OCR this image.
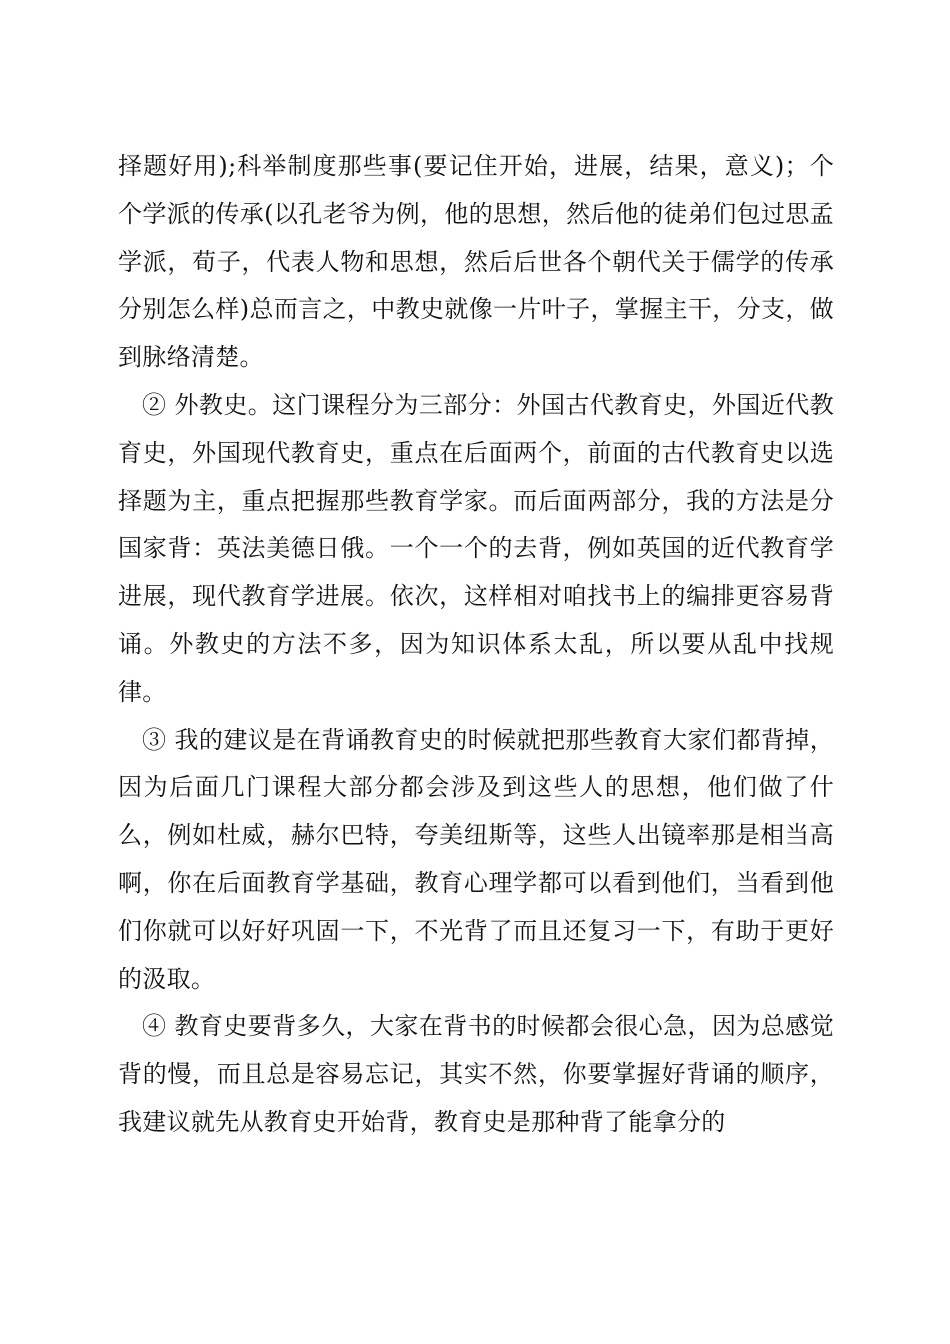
择题好用);科举制度那些事(要记住开始，进展，结果，意义)；个个学派的传承(以孔老爷为例，他的思想，然后他的徒弟们包过思孟学派，荀子，代表人物和思想，然后后世各个朝代关于儒学的传承分别怎么样)总而言之，中教史就像一片叶子，掌握主干，分支，做到脉络清楚。

② 外教史。这门课程分为三部分：外国古代教育史，外国近代教育史，外国现代教育史，重点在后面两个，前面的古代教育史以选择题为主，重点把握那些教育学家。而后面两部分，我的方法是分国家背：英法美德日俄。一个一个的去背，例如英国的近代教育学进展，现代教育学进展。依次，这样相对咱找书上的编排更容易背诵。外教史的方法不多，因为知识体系太乱，所以要从乱中找规律。

③ 我的建议是在背诵教育史的时候就把那些教育大家们都背掉，因为后面几门课程大部分都会涉及到这些人的思想，他们做了什么，例如杜威，赫尔巴特，夸美纽斯等，这些人出镜率那是相当高啊，你在后面教育学基础，教育心理学都可以看到他们，当看到他们你就可以好好巩固一下，不光背了而且还复习一下，有助于更好的汲取。

④ 教育史要背多久，大家在背书的时候都会很心急，因为总感觉背的慢，而且总是容易忘记，其实不然，你要掌握好背诵的顺序，我建议就先从教育史开始背，教育史是那种背了能拿分的
